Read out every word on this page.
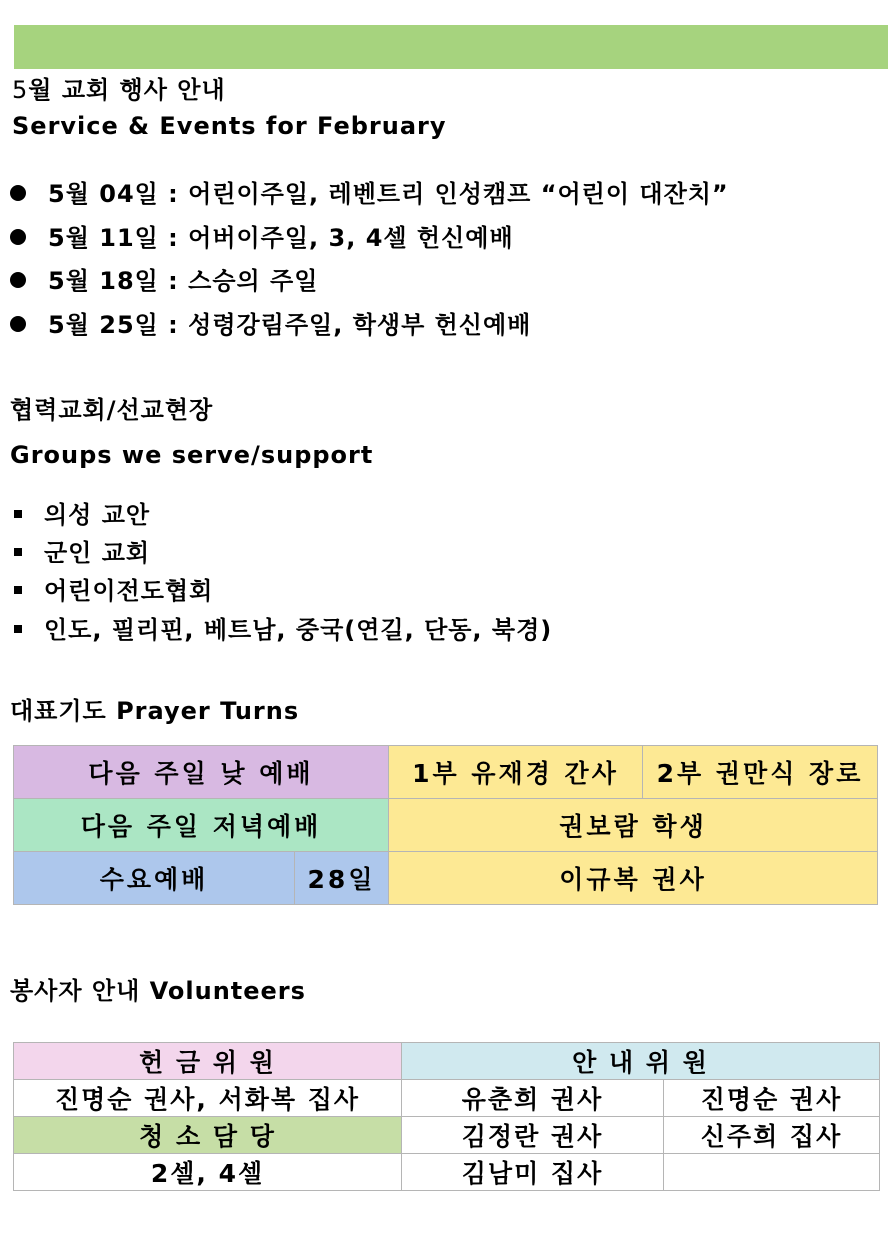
5월 교회 행사 안내
Service & Events for February
5월 04일 : 어린이주일, 레벤트리 인성캠프 “어린이 대잔치”
5월 11일 : 어버이주일, 3, 4셀 헌신예배
5월 18일 : 스승의 주일
5월 25일 : 성령강림주일, 학생부 헌신예배
협력교회/선교현장
Groups we serve/support
의성 교안
군인 교회
어린이전도협회
인도, 필리핀, 베트남, 중국(연길, 단동, 북경)
대표기도 Prayer Turns
다음 주일 낮 예배		1부 유재경 간사	2부 권만식 장로
다음 주일 저녁예배		권보람 학생	
수요예배	28일	이규복 권사	
봉사자 안내 Volunteers
헌 금 위 원	안 내 위 원	
진명순 권사, 서화복 집사	유춘희 권사	진명순 권사
청 소 담 당	김정란 권사	신주희 집사
2셀, 4셀	김남미 집사	
